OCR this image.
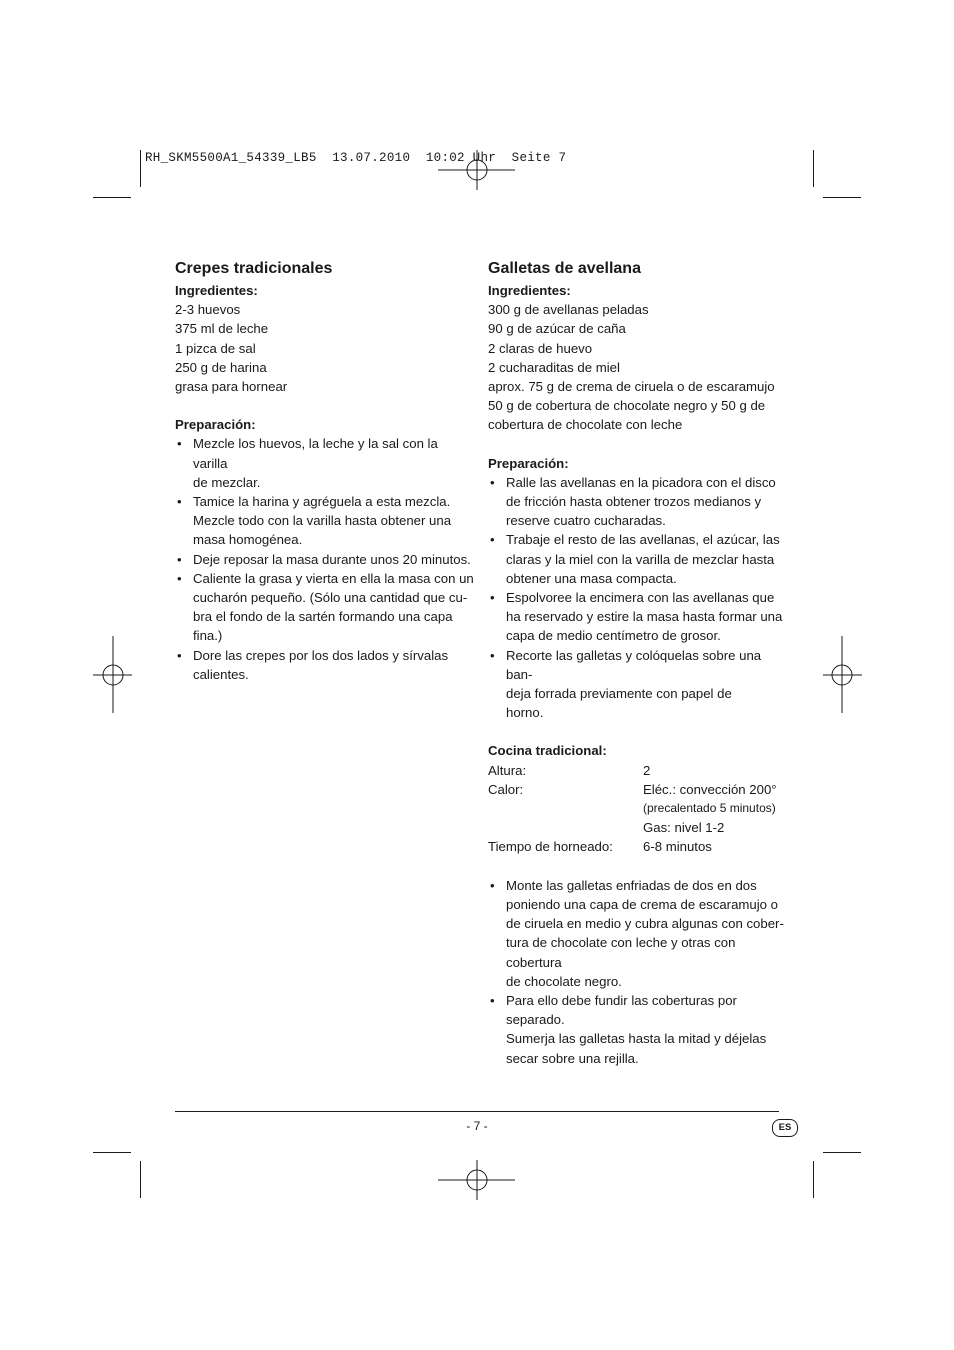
RH_SKM5500A1_54339_LB5  13.07.2010  10:02 Uhr  Seite 7
Crepes tradicionales
Ingredientes:
2-3 huevos
375 ml de leche
1 pizca de sal
250 g de harina
grasa para hornear
Preparación:
• Mezcle los huevos, la leche y la sal con la varilla
de mezclar.
• Tamice la harina y agréguela a esta mezcla.
Mezcle todo con la varilla hasta obtener una
masa homogénea.
• Deje reposar la masa durante unos 20 minutos.
• Caliente la grasa y vierta en ella la masa con un
cucharón pequeño. (Sólo una cantidad que cu-
bra el fondo de la sartén formando una capa
fina.)
• Dore las crepes por los dos lados y sírvalas
calientes.
Galletas de avellana
Ingredientes:
300 g de avellanas peladas
90 g de azúcar de caña
2 claras de huevo
2 cucharaditas de miel
aprox. 75 g de crema de ciruela o de escaramujo
50 g de cobertura de chocolate negro y 50 g de
cobertura de chocolate con leche
Preparación:
• Ralle las avellanas en la picadora con el disco
de fricción hasta obtener trozos medianos y
reserve cuatro cucharadas.
• Trabaje el resto de las avellanas, el azúcar, las
claras y la miel con la varilla de mezclar hasta
obtener una masa compacta.
• Espolvoree la encimera con las avellanas que
ha reservado y estire la masa hasta formar una
capa de medio centímetro de grosor.
• Recorte las galletas y colóquelas sobre una ban-
deja forrada previamente con papel de
horno.
Cocina tradicional:
Altura:	2
Calor:	Eléc.: convección 200°
(precalentado 5 minutos)
Gas: nivel 1-2
Tiempo de horneado:	6-8 minutos
• Monte las galletas enfriadas de dos en dos
poniendo una capa de crema de escaramujo o
de ciruela en medio y cubra algunas con cober-
tura de chocolate con leche y otras con cobertura
de chocolate negro.
• Para ello debe fundir las coberturas por separado.
Sumerja las galletas hasta la mitad y déjelas
secar sobre una rejilla.
- 7 -	ES
